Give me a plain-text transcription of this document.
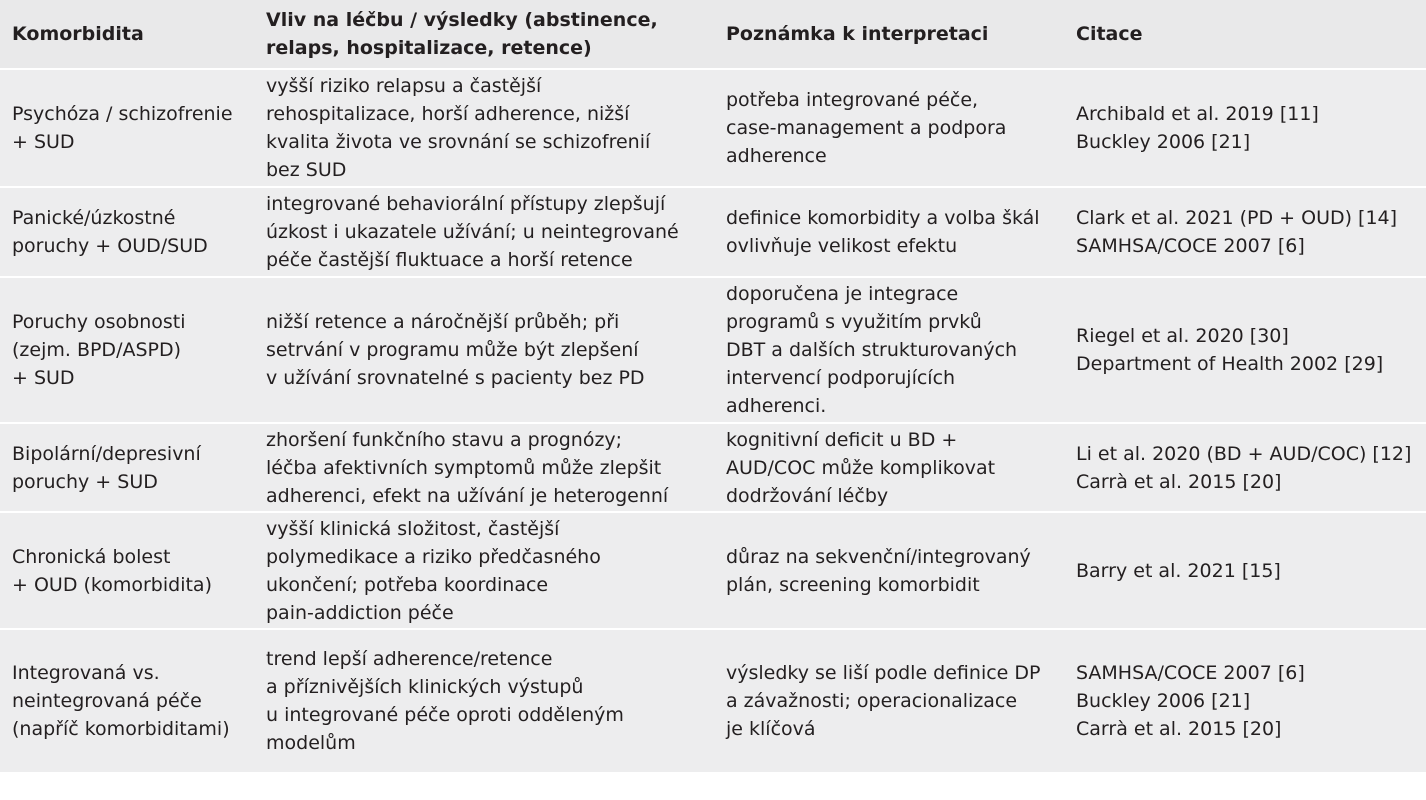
Komorbidita	Vliv na léčbu / výsledky (abstinence,
relaps, hospitalizace, retence)	Poznámka k interpretaci	Citace

Psychóza / schizofrenie
+ SUD	vyšší riziko relapsu a častější
rehospitalizace, horší adherence, nižší
kvalita života ve srovnání se schizofrenií
bez SUD	potřeba integrované péče,
case-management a podpora
adherence	Archibald et al. 2019 [11]
Buckley 2006 [21]

Panické/úzkostné
poruchy + OUD/SUD	integrované behaviorální přístupy zlepšují
úzkost i ukazatele užívání; u neintegrované
péče častější fluktuace a horší retence	definice komorbidity a volba škál
ovlivňuje velikost efektu	Clark et al. 2021 (PD + OUD) [14]
SAMHSA/COCE 2007 [6]

Poruchy osobnosti
(zejm. BPD/ASPD)
+ SUD	nižší retence a náročnější průběh; při
setrvání v programu může být zlepšení
v užívání srovnatelné s pacienty bez PD	doporučena je integrace
programů s využitím prvků
DBT a dalších strukturovaných
intervencí podporujících
adherenci.	Riegel et al. 2020 [30]
Department of Health 2002 [29]

Bipolární/depresivní
poruchy + SUD	zhoršení funkčního stavu a prognózy;
léčba afektivních symptomů může zlepšit
adherenci, efekt na užívání je heterogenní	kognitivní deficit u BD +
AUD/COC může komplikovat
dodržování léčby	Li et al. 2020 (BD + AUD/COC) [12]
Carrà et al. 2015 [20]

Chronická bolest
+ OUD (komorbidita)	vyšší klinická složitost, častější
polymedikace a riziko předčasného
ukončení; potřeba koordinace
pain-addiction péče	důraz na sekvenční/integrovaný
plán, screening komorbidit	Barry et al. 2021 [15]

Integrovaná vs.
neintegrovaná péče
(napříč komorbiditami)	trend lepší adherence/retence
a příznivějších klinických výstupů
u integrované péče oproti odděleným
modelům	výsledky se liší podle definice DP
a závažnosti; operacionalizace
je klíčová	SAMHSA/COCE 2007 [6]
Buckley 2006 [21]
Carrà et al. 2015 [20]
